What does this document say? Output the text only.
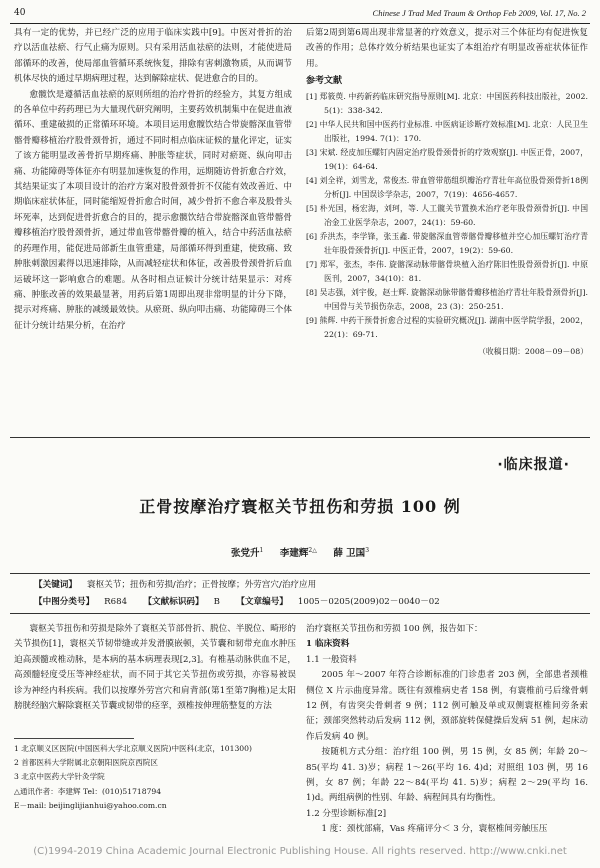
40	Chinese J Trad Med Traum & Orthop Feb 2009, Vol. 17, No. 2

具有一定的优势，并已经广泛的应用于临床实践中[9]。中医对骨折的治疗以活血祛瘀、行气止痛为原则。只有采用活血祛瘀的法则，才能使进局部循环的改善，使局部血管循环系统恢复，排除有害刺激物质，从而调节机体尽快的通过早期病理过程，达到解除症状、促进愈合的目的。

愈髋饮是遵循活血祛瘀的原则所组的治疗骨折的经验方，其复方组成的各单位中药药理已为大量现代研究阐明，主要药效机制集中在促进血液循环、重建破损的正常循环环境。本项目运用愈髋饮结合带旋髂深血管带髂骨瓣移植治疗股骨颈骨折，通过不同时相点临床证候的量化评定，证实了该方能明显改善骨折早期疼痛、肿胀等症状，同时对瘀斑、纵向叩击痛、功能障碍等体征亦有明显加速恢复的作用，远期随访骨折愈合疗效，其结果证实了本项目设计的治疗方案对股骨颈骨折不仅能有效改善近、中期临床症状体征，同时能缩短骨折愈合时间，减少骨折不愈合率及股骨头坏死率，达到促进骨折愈合的目的，提示愈髋饮结合带旋髂深血管带髂骨瓣移植治疗股骨颈骨折，通过带血管带髂骨瓣的植入，结合中药活血祛瘀的药理作用，能促进局部新生血管重建，局部循环得到重建，使致痛、致肿胀刺激因素得以迅速排除，从而减轻症状和体征，改善股骨颈骨折后血运破坏这一影响愈合的难题。从各时相点证候计分统计结果显示：对疼痛、肿胀改善的效果最显著，用药后第1周即出现非常明显的计分下降，提示对疼痛、肿胀的减缓最效快。从瘀斑、纵向叩击痛、功能障碍三个体征计分统计结果分析，在治疗

后第2周到第6周出现非常显著的疗效意义，提示对三个体征均有促进恢复改善的作用；总体疗效分析结果也证实了本组治疗有明显改善症状体征作用。

参考文献

[1] 郑筱萸. 中药新药临床研究指导原则[M]. 北京：中国医药科技出版社，2002. 5(1)：338-342.

[2] 中华人民共和国中医药行业标准. 中医病证诊断疗效标准[M]. 北京：人民卫生出版社，1994. 7(1)：170.

[3] 宋斌. 经皮加压螺钉内固定治疗股骨颈骨折的疗效观察[J]. 中医正骨，2007，19(1)：64-64.

[4] 刘全祥，刘雪龙，常俊杰. 带血管带筋组织瓣治疗青壮年高位股骨颈骨折18例分析[J]. 中国误诊学杂志，2007，7(19)：4656-4657.

[5] 朴光国，杨宏海，刘珂，等. 人工髋关节置换术治疗老年股骨颈骨折[J]. 中国冶金工业医学杂志，2007，24(1)：59-60.

[6] 乔洪杰，李学锋，张玉鑫. 带旋髂深血管蒂髂骨瓣移植并空心加压螺钉治疗青壮年股骨颈骨折[J]. 中医正骨，2007，19(2)：59-60.

[7] 郑军，张杰，李伟. 旋髂深动脉带髂骨块植入治疗陈旧性股骨颈骨折[J]. 中原医刊，2007，34(10)：81.

[8] 吴志强，刘宇俊，赵士辉. 旋髂深动脉带髂骨瓣移植治疗青壮年股骨颈骨折[J]. 中国骨与关节损伤杂志，2008，23 (3)：250-251.

[9] 熊辉. 中药干预骨折愈合过程的实验研究概况[J]. 湖南中医学院学报，2002，22(1)：69-71.

（收稿日期：2008－09－08）

·临床报道·
正骨按摩治疗寰枢关节扭伤和劳损 100 例
张党升$^1$ 李建辉$^{2\triangle}$ 薛 卫国$^3$
【关键词】 寰枢关节；扭伤和劳损/治疗；正骨按摩；外劳宫穴/治疗应用
【中图分类号】 R684 【文献标识码】 B 【文章编号】 1005－0205(2009)02－0040－02

寰枢关节扭伤和劳损是除外了寰枢关节部骨折、脱位、半脱位、畸形的关节损伤[1]，寰枢关节韧带缝或并发滑膜嵌顿，关节囊和韧带充血水肿压迫高颈髓或椎动脉，是本病的基本病理表现[2,3]。有椎基动脉供血不足，高颈髓轻度受压等神经症状，而不同于其它关节扭伤或劳损，亦容易被误诊为神经内科疾病。我们以按摩外劳宫穴和肩背部(第1至第7胸椎)足太阳膀胱经脑穴解除寰枢关节囊或韧带的痉挛，颈椎按伸理筋整复的方法

治疗寰枢关节扭伤和劳损 100 例，报告如下：

1 临床资料

1.1 一般资料

2005 年～2007 年符合诊断标准的门诊患者 203 例，全部患者颈椎侧位 X 片示曲度异常。既往有颈椎病史者 158 例，有寰椎前弓后缘骨刺 12 例，有齿突尖骨刺者 9 例；112 例可触及单或双侧寰枢椎间旁条索征；颈部突然转动后发病 112 例，颈部旋转保健操后发病 51 例，起床动作后发病 40 例。

按随机方式分组：治疗组 100 例，男 15 例，女 85 例；年龄 20～85(平均 41. 3)岁；病程 1～26(平均 16. 4)d；对照组 103 例，男 16 例，女 87 例；年龄 22～84(平均 41. 5)岁；病程 2～29(平均 16. 1)d。两组病例的性别、年龄、病程间具有均衡性。

1.2 分型诊断标准[2]

1 度：颈枕部痛，Vas 疼痛评分＜ 3 分，寰枢椎间旁触压压

1 北京顺义区医院(中国医科大学北京顺义医院)中医科(北京，101300)

2 首都医科大学附属北京朝阳医院京西院区

3 北京中医药大学针灸学院

△通讯作者：李建辉 Tel：(010)51718794

E－mail: beijinglijianhui@yahoo.com.cn

(C)1994-2019 China Academic Journal Electronic Publishing House. All rights reserved. http://www.cnki.net
